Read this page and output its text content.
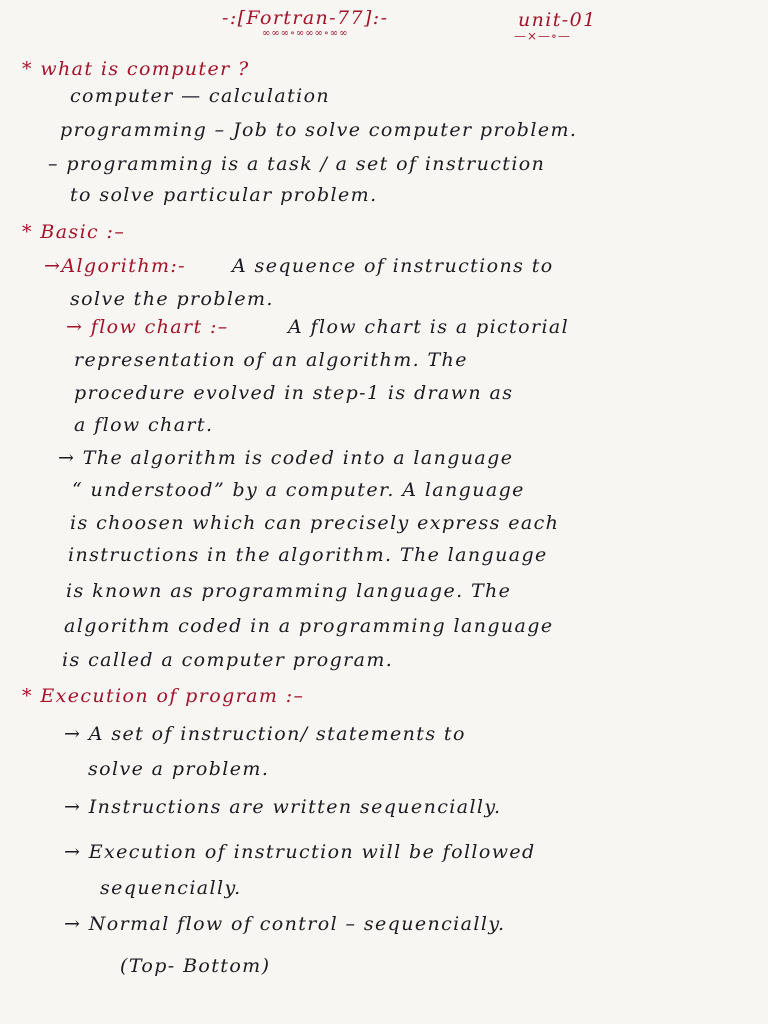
-:[Fortran-77]:-
∞∞∞∘∞∞∞∘∞∞
unit-01
—×—∘—
* what is computer ?
computer — calculation
programming – Job to solve computer problem.
– programming is a task / a set of instruction
to solve particular problem.
* Basic :–
→Algorithm:- A sequence of instructions to
solve the problem.
→ flow chart :–	A flow chart is a pictorial
representation of an algorithm. The
procedure evolved in step-1 is drawn as
a flow chart.
→ The algorithm is coded into a language
“ understood” by a computer. A language
is choosen which can precisely express each
instructions in the algorithm. The language
is known as programming language. The
algorithm coded in a programming language
is called a computer program.
* Execution of program :–
→ A set of instruction/ statements to
solve a problem.
→ Instructions are written sequencially.
→ Execution of instruction will be followed
sequencially.
→ Normal flow of control – sequencially.
(Top- Bottom)
